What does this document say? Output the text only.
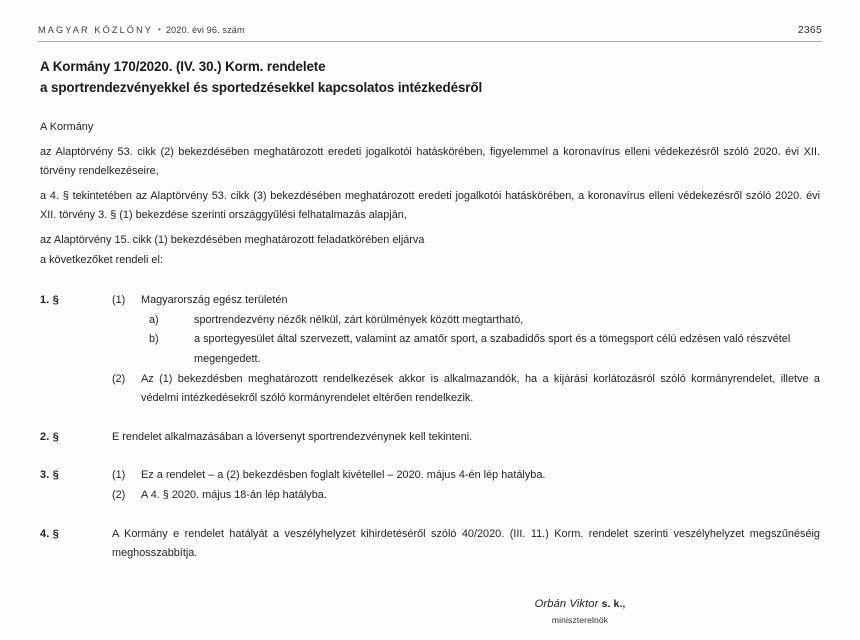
MAGYAR KÖZLÖNY • 2020. évi 96. szám	2365
A Kormány 170/2020. (IV. 30.) Korm. rendelete
a sportrendezvényekkel és sportedzésekkel kapcsolatos intézkedésről
A Kormány
az Alaptörvény 53. cikk (2) bekezdésében meghatározott eredeti jogalkotói hatáskörében, figyelemmel a koronavírus elleni védekezésről szóló 2020. évi XII. törvény rendelkezéseire,
a 4. § tekintetében az Alaptörvény 53. cikk (3) bekezdésében meghatározott eredeti jogalkotói hatáskörében, a koronavírus elleni védekezésről szóló 2020. évi XII. törvény 3. § (1) bekezdése szerinti országgyűlési felhatalmazás alapján,
az Alaptörvény 15. cikk (1) bekezdésében meghatározott feladatkörében eljárva
a következőket rendeli el:
1. §	(1)	Magyarország egész területén
a)	sportrendezvény nézők nélkül, zárt körülmények között megtartható,
b)	a sportegyesület által szervezett, valamint az amatőr sport, a szabadidős sport és a tömegsport célú edzésen való részvétel megengedett.
(2)	Az (1) bekezdésben meghatározott rendelkezések akkor is alkalmazandók, ha a kijárási korlátozásról szóló kormányrendelet, illetve a védelmi intézkedésekről szóló kormányrendelet eltérően rendelkezik.
2. §	E rendelet alkalmazásában a lóversenyt sportrendezvénynek kell tekinteni.
3. §	(1)	Ez a rendelet – a (2) bekezdésben foglalt kivétellel – 2020. május 4-én lép hatályba.
(2)	A 4. § 2020. május 18-án lép hatályba.
4. §	A Kormány e rendelet hatályát a veszélyhelyzet kihirdetéséről szóló 40/2020. (III. 11.) Korm. rendelet szerinti veszélyhelyzet megszűnéséig meghosszabbítja.
Orbán Viktor s. k.,
miniszterelnök
